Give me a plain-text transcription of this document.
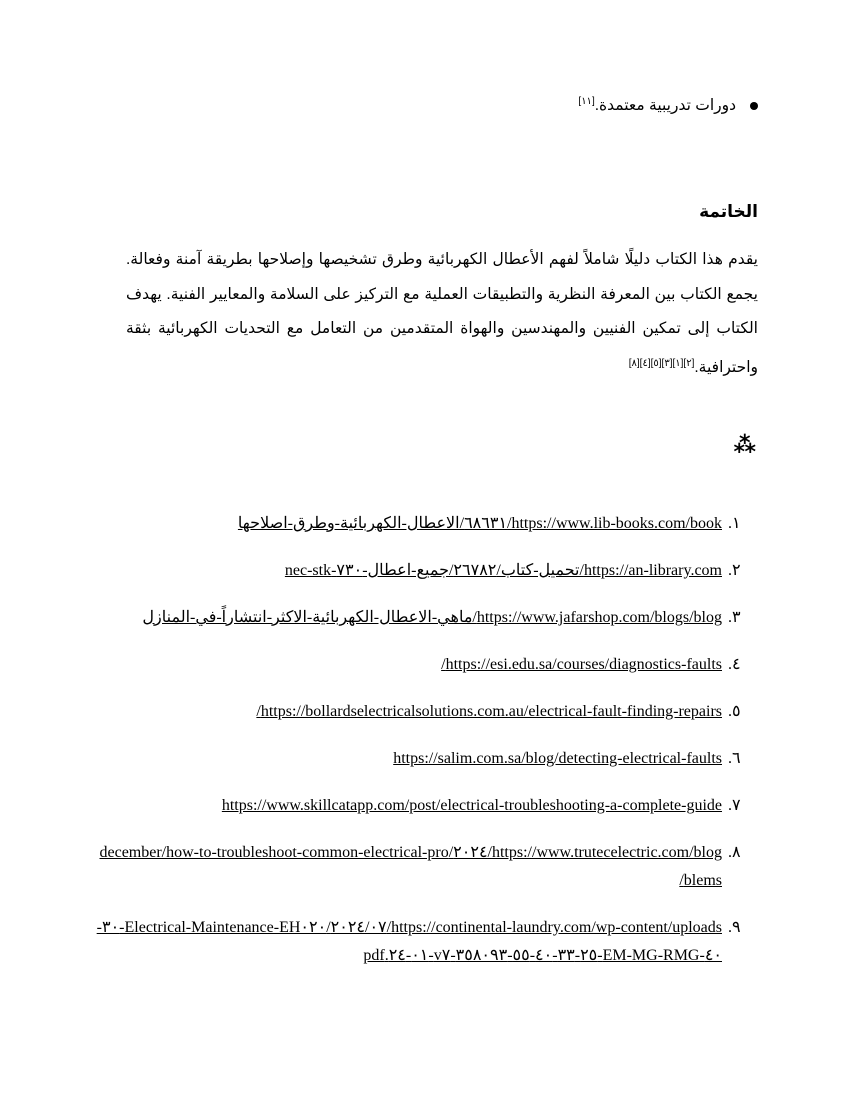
دورات تدريبية معتمدة.[١١]
الخاتمة
يقدم هذا الكتاب دليلًا شاملاً لفهم الأعطال الكهربائية وطرق تشخيصها وإصلاحها بطريقة آمنة وفعالة. يجمع الكتاب بين المعرفة النظرية والتطبيقات العملية مع التركيز على السلامة والمعايير الفنية. يهدف الكتاب إلى تمكين الفنيين والمهندسين والهواة المتقدمين من التعامل مع التحديات الكهربائية بثقة واحترافية.[٢][١][٣][٥][٤][٨]
⁂
https://www.lib-books.com/book/٦٨٦٣١/الاعطال-الكهربائية-وطرق-اصلاحها .١
https://an-library.com/تحميل-كتاب/٢٦٧٨٢/جميع-اعطال-٧٣٠-nec-stk .٢
https://www.jafarshop.com/blogs/blog/ماهي-الاعطال-الكهربائية-الاكثر-انتشاراً-في-المنازل .٣
https://esi.edu.sa/courses/diagnostics-faults/ .٤
https://bollardselectricalsolutions.com.au/electrical-fault-finding-repairs/ .٥
https://salim.com.sa/blog/detecting-electrical-faults .٦
https://www.skillcatapp.com/post/electrical-troubleshooting-a-complete-guide .٧
https://www.trutecelectric.com/blog/٢٠٢٤/december/how-to-troubleshoot-common-electrical-problems/
.٨
https://continental-laundry.com/wp-content/uploads/٢٠٢٤/٠٧/Electrical-Maintenance-EH٠٢٠-٣٠-٤٠-EM-MG-RMG-٢٥-٣٣-٤٠-٥٥-٣٥٨٠٩٣-v٧-٠١-٢٤.pdf
.٩
